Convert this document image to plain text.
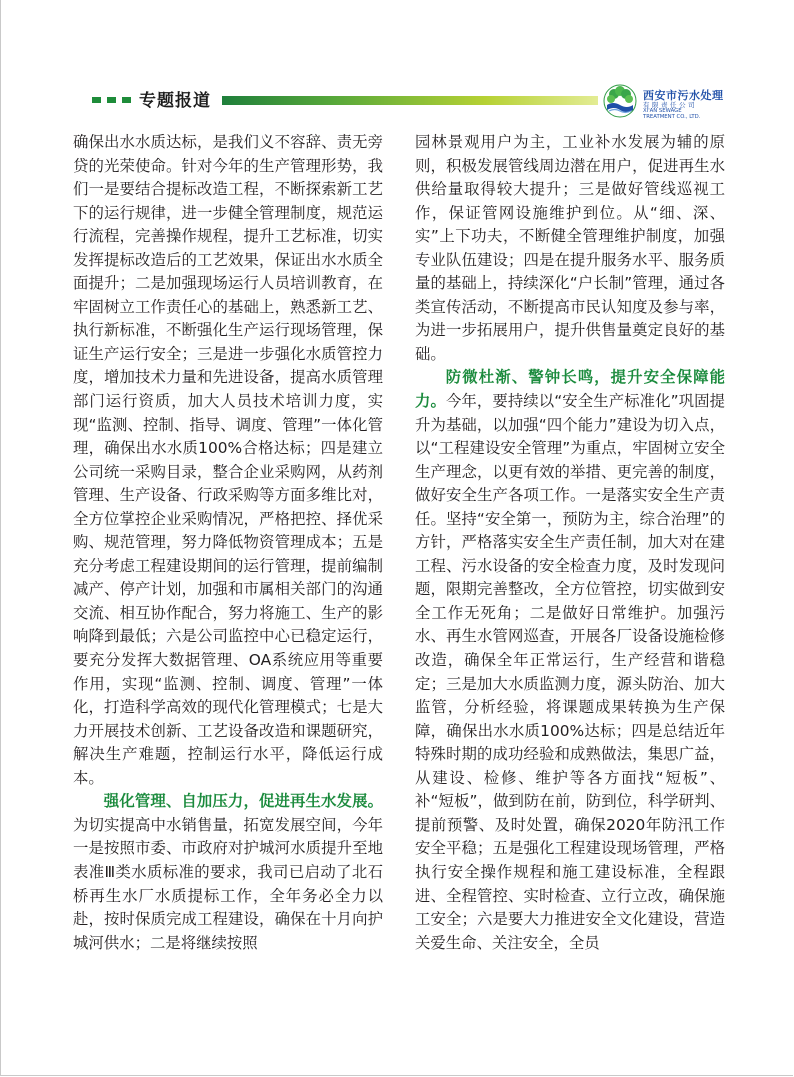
专题报道	西安市污水处理
有限责任公司
XI'AN SEWAGE
TREATMENT CO., LTD.

确保出水水质达标，是我们义不容辞、责无旁贷的光荣使命。针对今年的生产管理形势，我们一是要结合提标改造工程，不断探索新工艺下的运行规律，进一步健全管理制度，规范运行流程，完善操作规程，提升工艺标准，切实发挥提标改造后的工艺效果，保证出水水质全面提升；二是加强现场运行人员培训教育，在牢固树立工作责任心的基础上，熟悉新工艺、执行新标准，不断强化生产运行现场管理，保证生产运行安全；三是进一步强化水质管控力度，增加技术力量和先进设备，提高水质管理部门运行资质，加大人员技术培训力度，实现“监测、控制、指导、调度、管理”一体化管理，确保出水水质100%合格达标；四是建立公司统一采购目录，整合企业采购网，从药剂管理、生产设备、行政采购等方面多维比对，全方位掌控企业采购情况，严格把控、择优采购、规范管理，努力降低物资管理成本；五是充分考虑工程建设期间的运行管理，提前编制减产、停产计划，加强和市属相关部门的沟通交流、相互协作配合，努力将施工、生产的影响降到最低；六是公司监控中心已稳定运行，要充分发挥大数据管理、OA系统应用等重要作用，实现“监测、控制、调度、管理”一体化，打造科学高效的现代化管理模式；七是大力开展技术创新、工艺设备改造和课题研究，解决生产难题，控制运行水平，降低运行成本。

强化管理、自加压力，促进再生水发展。为切实提高中水销售量，拓宽发展空间，今年一是按照市委、市政府对护城河水质提升至地表准Ⅲ类水质标准的要求，我司已启动了北石桥再生水厂水质提标工作，全年务必全力以赴，按时保质完成工程建设，确保在十月向护城河供水；二是将继续按照

园林景观用户为主，工业补水发展为辅的原则，积极发展管线周边潜在用户，促进再生水供给量取得较大提升；三是做好管线巡视工作，保证管网设施维护到位。从“细、深、实”上下功夫，不断健全管理维护制度，加强专业队伍建设；四是在提升服务水平、服务质量的基础上，持续深化“户长制”管理，通过各类宣传活动，不断提高市民认知度及参与率，为进一步拓展用户，提升供售量奠定良好的基础。

防微杜渐、警钟长鸣，提升安全保障能力。今年，要持续以“安全生产标准化”巩固提升为基础，以加强“四个能力”建设为切入点，以“工程建设安全管理”为重点，牢固树立安全生产理念，以更有效的举措、更完善的制度，做好安全生产各项工作。一是落实安全生产责任。坚持“安全第一，预防为主，综合治理”的方针，严格落实安全生产责任制，加大对在建工程、污水设备的安全检查力度，及时发现问题，限期完善整改，全方位管控，切实做到安全工作无死角；二是做好日常维护。加强污水、再生水管网巡查，开展各厂设备设施检修改造，确保全年正常运行，生产经营和谐稳定；三是加大水质监测力度，源头防治、加大监管，分析经验，将课题成果转换为生产保障，确保出水水质100%达标；四是总结近年特殊时期的成功经验和成熟做法，集思广益，从建设、检修、维护等各方面找“短板”、补“短板”，做到防在前，防到位，科学研判、提前预警、及时处置，确保2020年防汛工作安全平稳；五是强化工程建设现场管理，严格执行安全操作规程和施工建设标准，全程跟进、全程管控、实时检查、立行立改，确保施工安全；六是要大力推进安全文化建设，营造关爱生命、关注安全，全员
